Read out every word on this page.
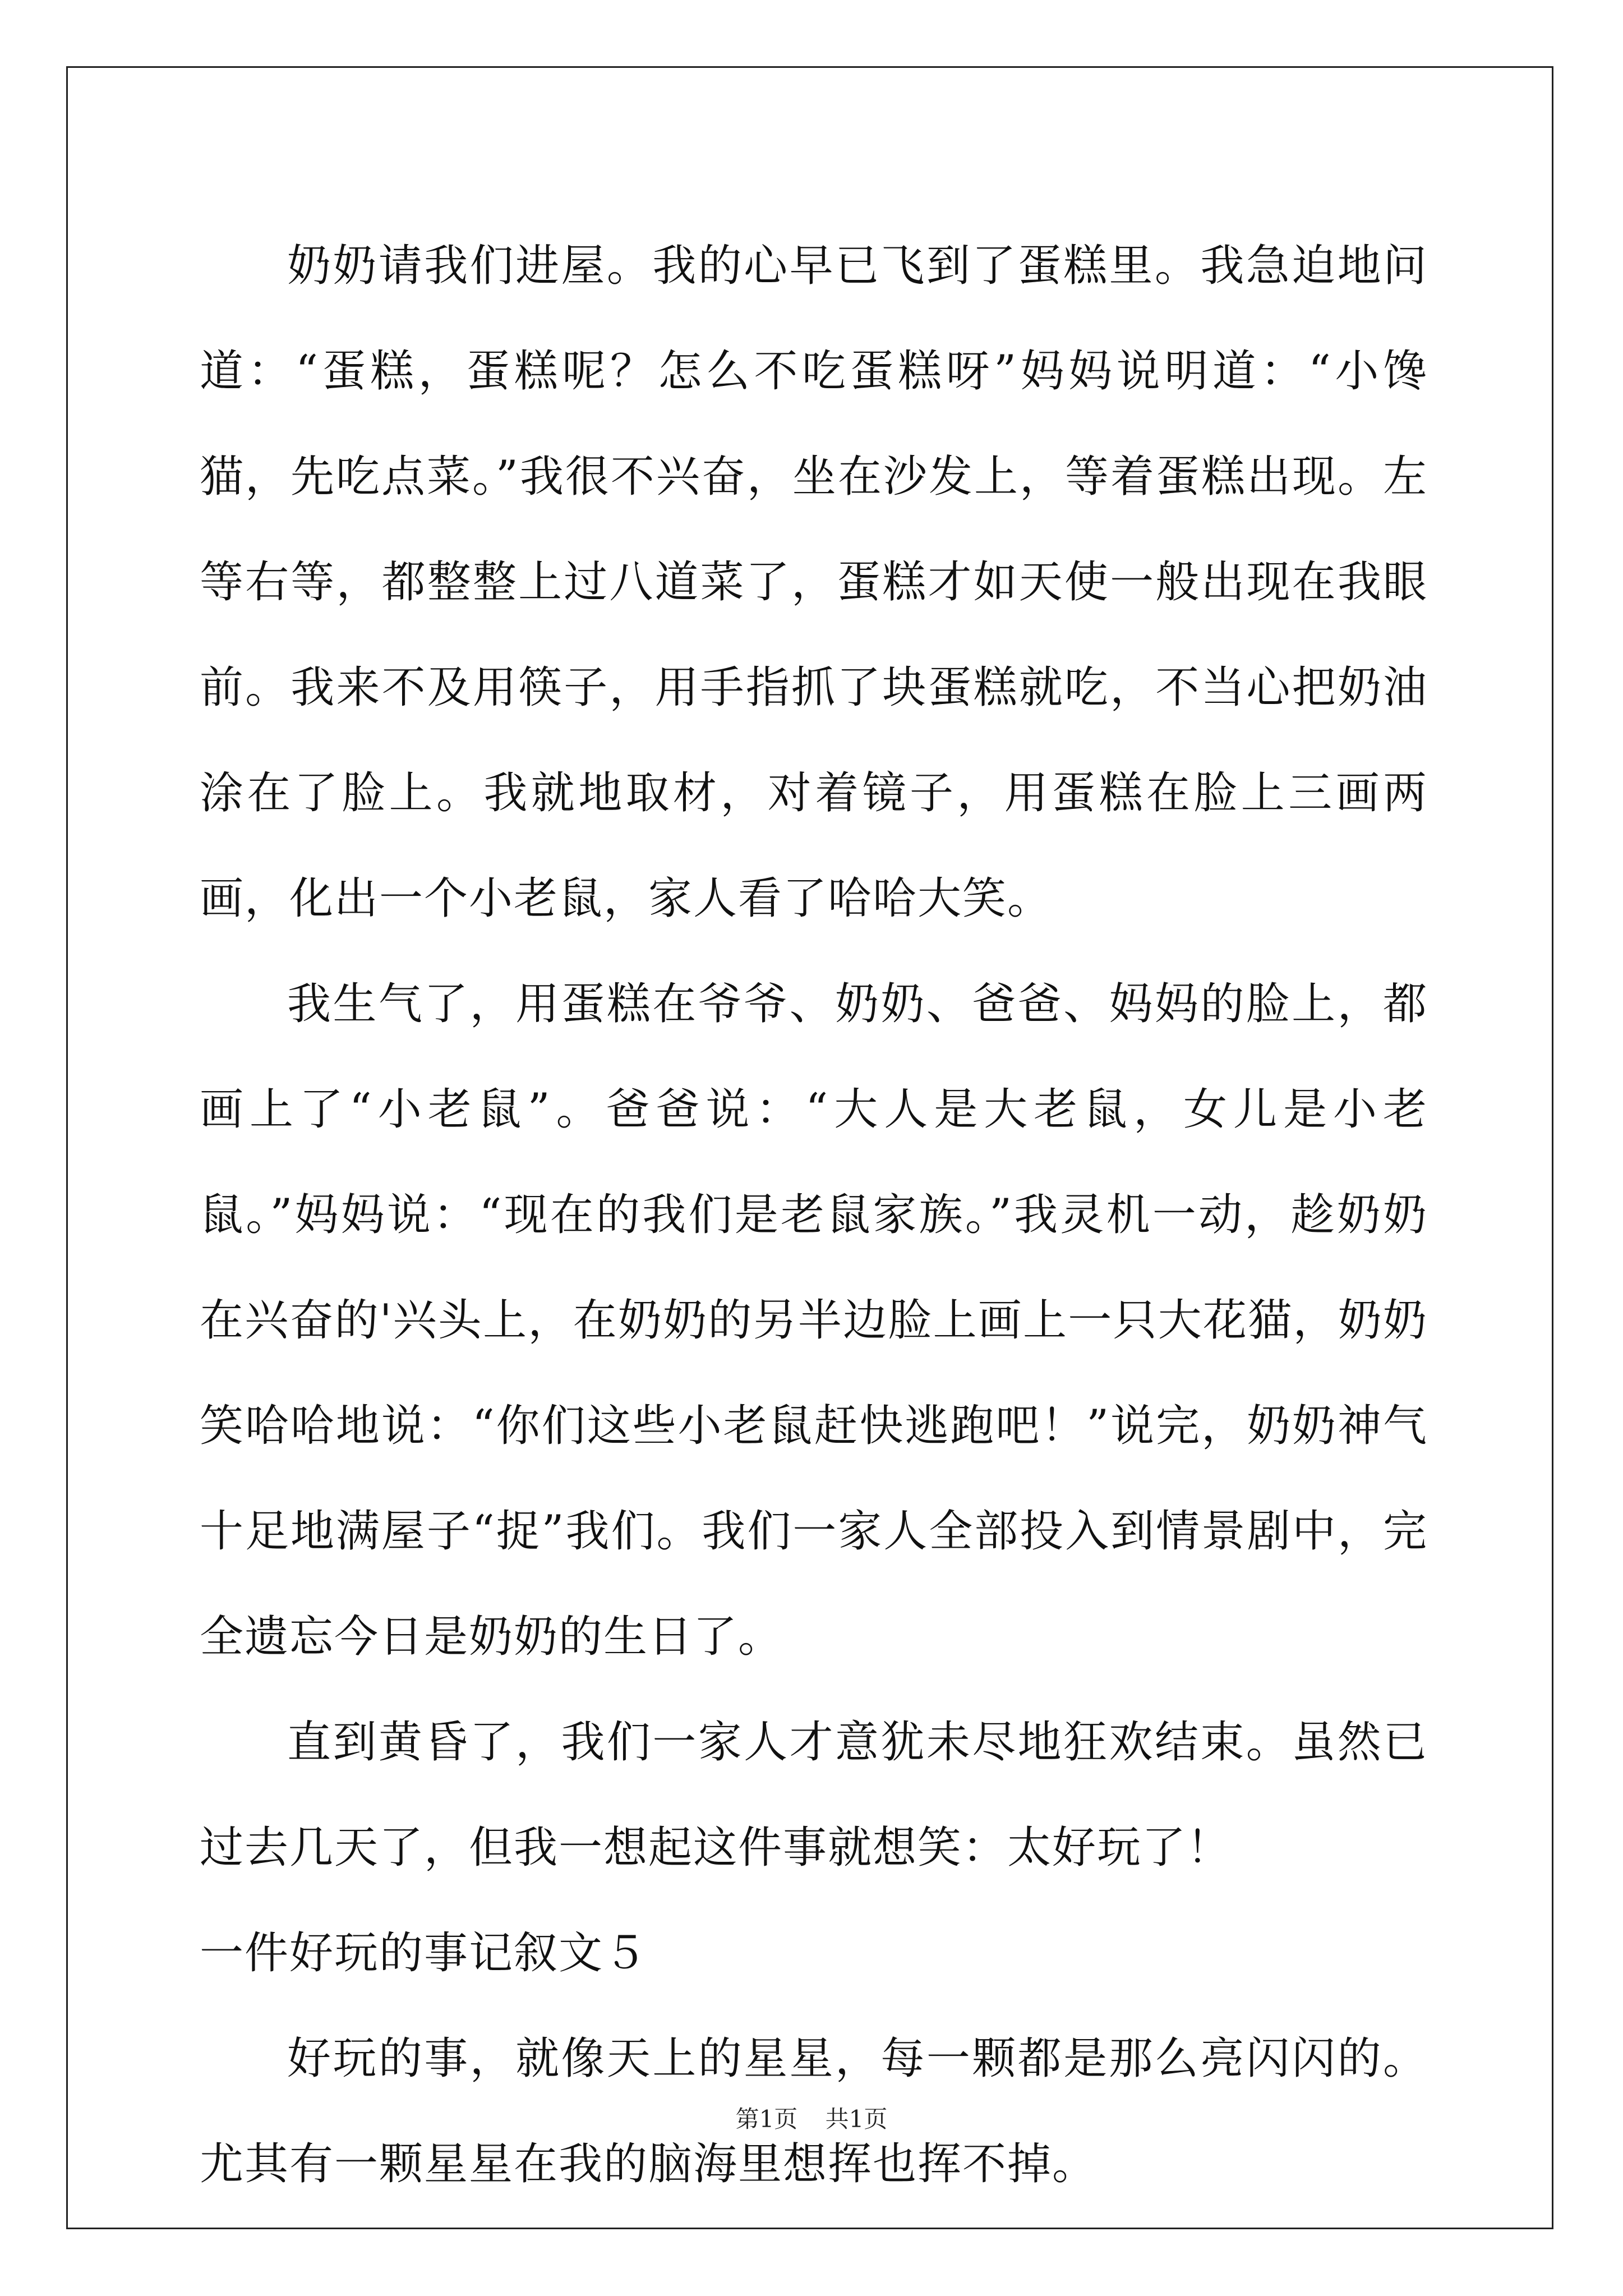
奶奶请我们进屋。我的心早已飞到了蛋糕里。我急迫地问道：“蛋糕，蛋糕呢？怎么不吃蛋糕呀”妈妈说明道：“小馋猫，先吃点菜。”我很不兴奋，坐在沙发上，等着蛋糕出现。左等右等，都整整上过八道菜了，蛋糕才如天使一般出现在我眼前。我来不及用筷子，用手指抓了块蛋糕就吃，不当心把奶油涂在了脸上。我就地取材，对着镜子，用蛋糕在脸上三画两画，化出一个小老鼠，家人看了哈哈大笑。

我生气了，用蛋糕在爷爷、奶奶、爸爸、妈妈的脸上，都画上了“小老鼠”。爸爸说：“大人是大老鼠，女儿是小老鼠。”妈妈说：“现在的我们是老鼠家族。”我灵机一动，趁奶奶在兴奋的'兴头上，在奶奶的另半边脸上画上一只大花猫，奶奶笑哈哈地说：“你们这些小老鼠赶快逃跑吧！”说完，奶奶神气十足地满屋子“捉”我们。我们一家人全部投入到情景剧中，完全遗忘今日是奶奶的生日了。

直到黄昏了，我们一家人才意犹未尽地狂欢结束。虽然已过去几天了，但我一想起这件事就想笑：太好玩了！

一件好玩的事记叙文５

好玩的事，就像天上的星星，每一颗都是那么亮闪闪的。尤其有一颗星星在我的脑海里想挥也挥不掉。

第1页 共1页
